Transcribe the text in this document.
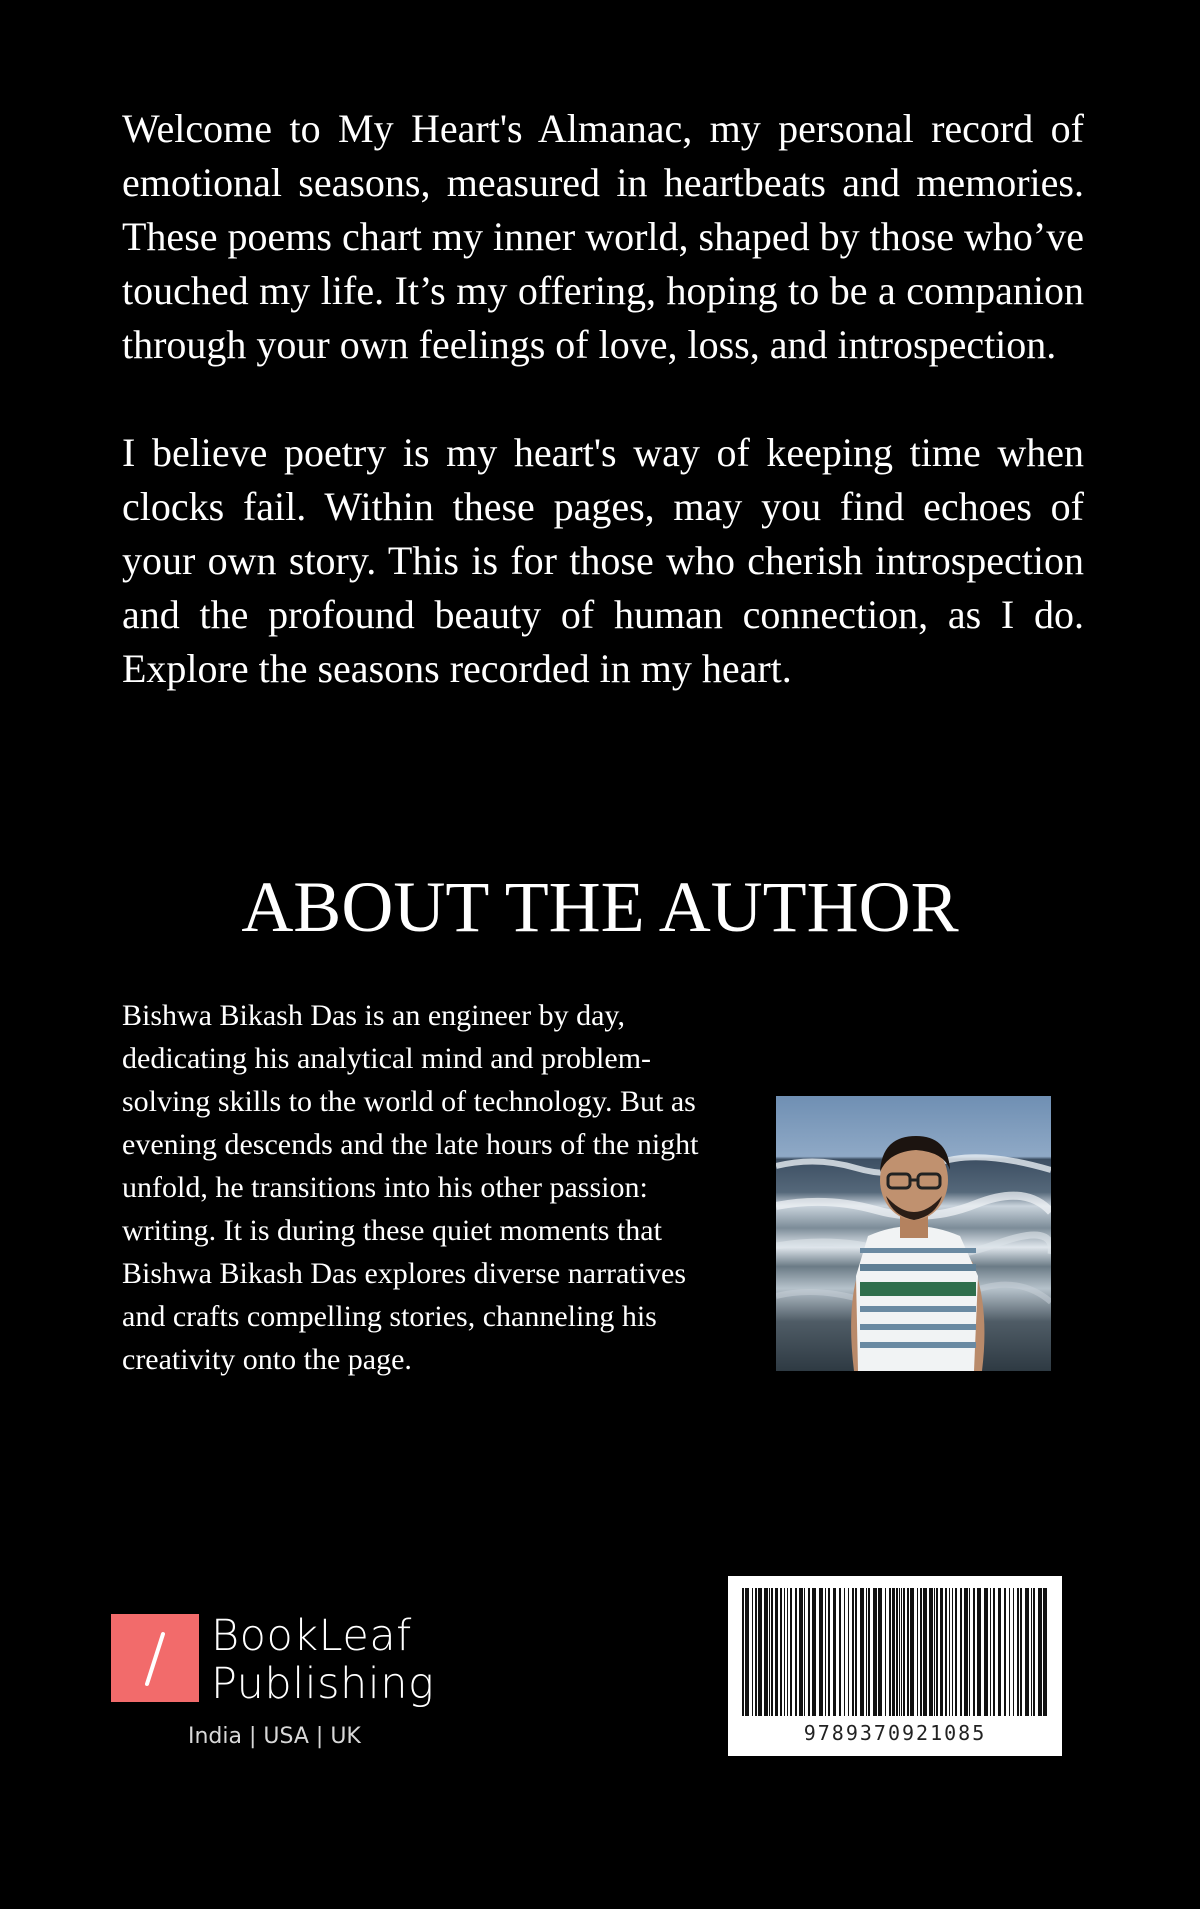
Welcome to My Heart's Almanac, my personal record of emotional seasons, measured in heartbeats and memories. These poems chart my inner world, shaped by those who’ve touched my life. It’s my offering, hoping to be a companion through your own feelings of love, loss, and introspection.

I believe poetry is my heart's way of keeping time when clocks fail. Within these pages, may you find echoes of your own story. This is for those who cherish introspection and the profound beauty of human connection, as I do. Explore the seasons recorded in my heart.

ABOUT THE AUTHOR

Bishwa Bikash Das is an engineer by day, dedicating his analytical mind and problem-solving skills to the world of technology. But as evening descends and the late hours of the night unfold, he transitions into his other passion: writing. It is during these quiet moments that Bishwa Bikash Das explores diverse narratives and crafts compelling stories, channeling his creativity onto the page.

BookLeaf
Publishing
India | USA | UK	9789370921085
